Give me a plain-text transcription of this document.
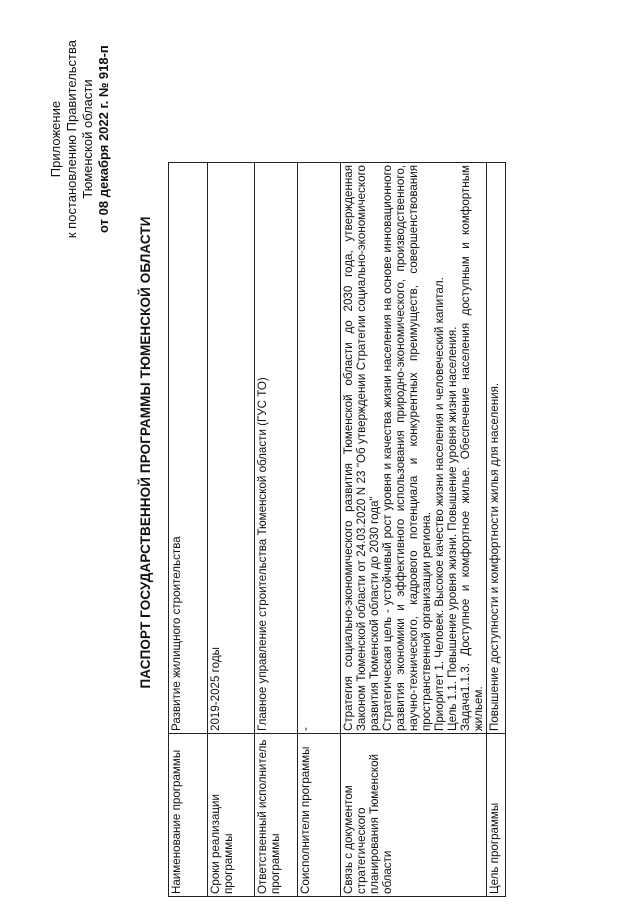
Приложение к постановлению Правительства Тюменской области от 08 декабря 2022 г. № 918-п
ПАСПОРТ ГОСУДАРСТВЕННОЙ ПРОГРАММЫ ТЮМЕНСКОЙ ОБЛАСТИ
Наименование программы	Развитие жилищного строительства
Сроки реализации программы	2019-2025 годы
Ответственный исполнитель программы	Главное управление строительства Тюменской области (ГУС ТО)
Соисполнители программы	-
Связь с документом стратегического планирования Тюменской области	Стратегия социально-экономического развития Тюменской области до 2030 года, утвержденная Законом Тюменской области от 24.03.2020 N 23 "Об утверждении Стратегии социально-экономического развития Тюменской области до 2030 года" Стратегическая цель - устойчивый рост уровня и качества жизни населения на основе инновационного развития экономики и эффективного использования природно-экономического, производственного, научно-технического, кадрового потенциала и конкурентных преимуществ, совершенствования пространственной организации региона. Приоритет 1. Человек. Высокое качество жизни населения и человеческий капитал. Цель 1.1. Повышение уровня жизни. Повышение уровня жизни населения. Задача1.1.3. Доступное и комфортное жилье. Обеспечение населения доступным и комфортным жильем.

Цель программы	Повышение доступности и комфортности жилья для населения.
